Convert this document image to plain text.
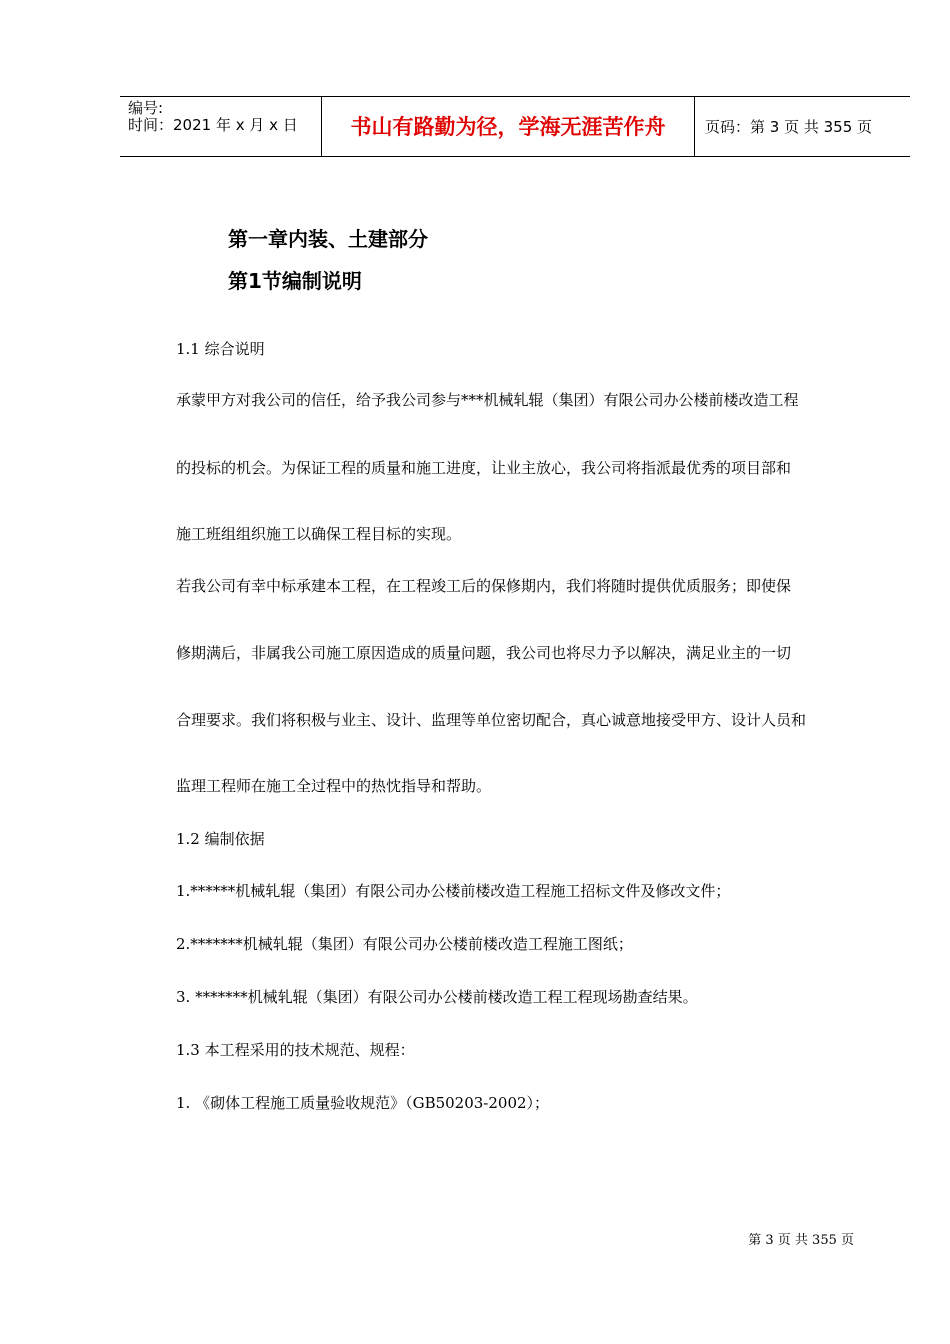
编号:
时间：2021 年 x 月 x 日	书山有路勤为径，学海无涯苦作舟	页码：第 3 页 共 355 页
第一章内装、土建部分
第1节编制说明
1.1 综合说明
承蒙甲方对我公司的信任，给予我公司参与***机械轧辊（集团）有限公司办公楼前楼改造工程
的投标的机会。为保证工程的质量和施工进度，让业主放心，我公司将指派最优秀的项目部和
施工班组组织施工以确保工程目标的实现。
若我公司有幸中标承建本工程，在工程竣工后的保修期内，我们将随时提供优质服务；即使保
修期满后，非属我公司施工原因造成的质量问题，我公司也将尽力予以解决，满足业主的一切
合理要求。我们将积极与业主、设计、监理等单位密切配合，真心诚意地接受甲方、设计人员和
监理工程师在施工全过程中的热忱指导和帮助。
1.2 编制依据
1.******机械轧辊（集团）有限公司办公楼前楼改造工程施工招标文件及修改文件；
2.*******机械轧辊（集团）有限公司办公楼前楼改造工程施工图纸；
3. *******机械轧辊（集团）有限公司办公楼前楼改造工程工程现场勘查结果。
1.3 本工程采用的技术规范、规程：
1. 《砌体工程施工质量验收规范》（GB50203-2002）；
第 3 页 共 355 页
